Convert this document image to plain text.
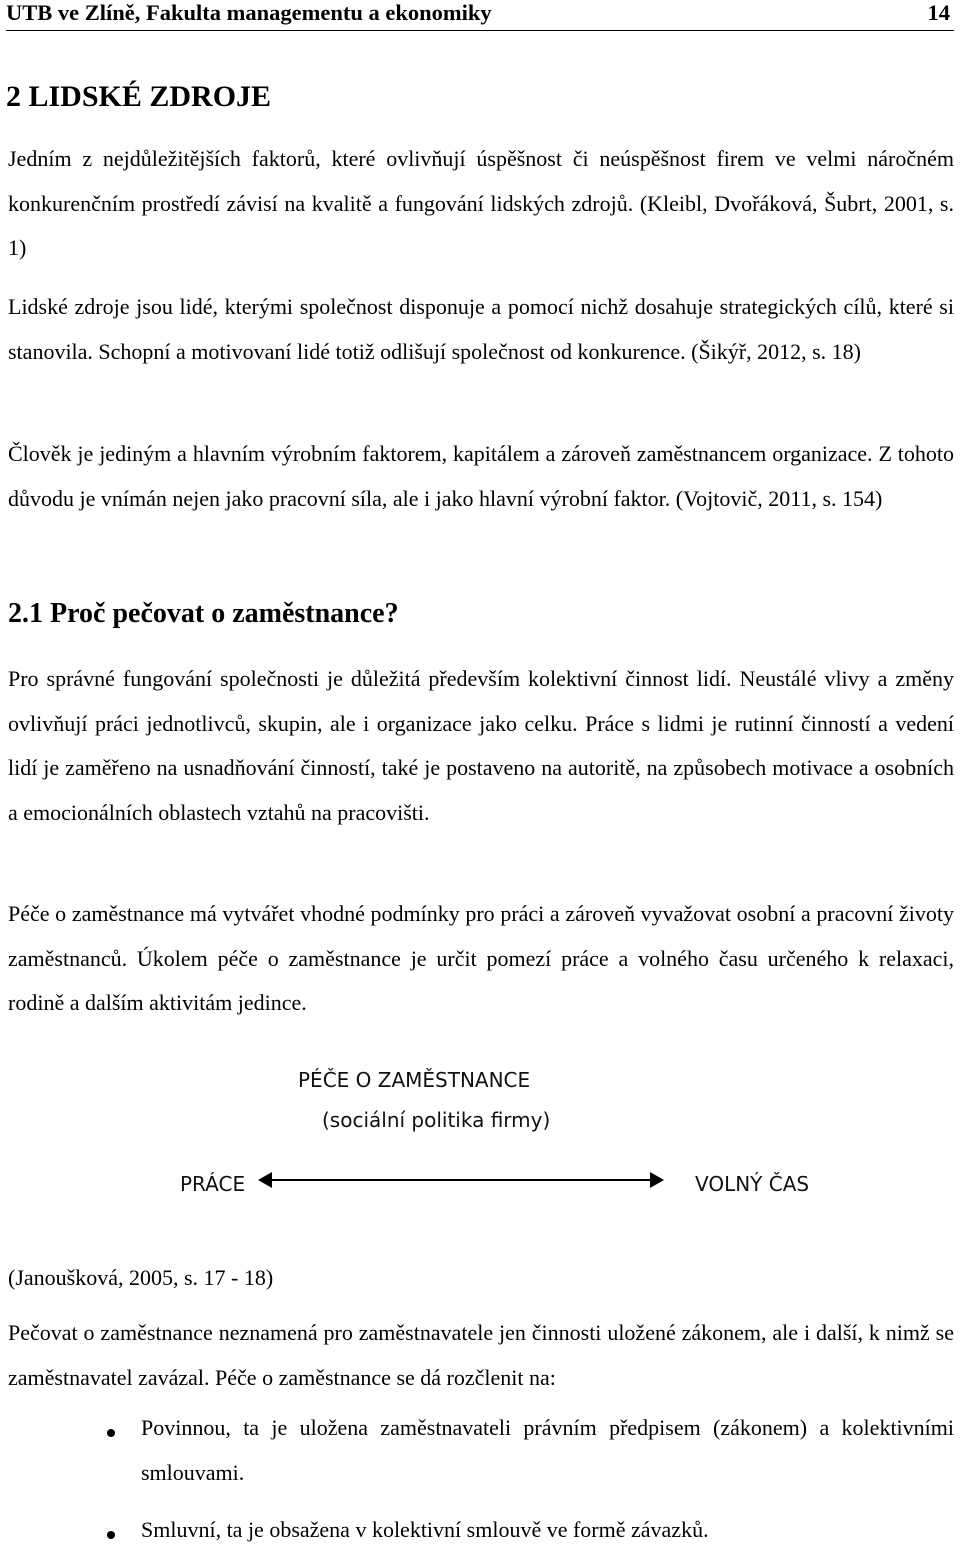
UTB ve Zlíně, Fakulta managementu a ekonomiky	14
2 LIDSKÉ ZDROJE
Jedním z nejdůležitějších faktorů, které ovlivňují úspěšnost či neúspěšnost firem ve velmi náročném konkurenčním prostředí závisí na kvalitě a fungování lidských zdrojů. (Kleibl, Dvořáková, Šubrt, 2001, s. 1)
Lidské zdroje jsou lidé, kterými společnost disponuje a pomocí nichž dosahuje strategických cílů, které si stanovila. Schopní a motivovaní lidé totiž odlišují společnost od konkurence. (Šikýř, 2012, s. 18)
Člověk je jediným a hlavním výrobním faktorem, kapitálem a zároveň zaměstnancem organizace. Z tohoto důvodu je vnímán nejen jako pracovní síla, ale i jako hlavní výrobní faktor. (Vojtovič, 2011, s. 154)
2.1 Proč pečovat o zaměstnance?
Pro správné fungování společnosti je důležitá především kolektivní činnost lidí. Neustálé vlivy a změny ovlivňují práci jednotlivců, skupin, ale i organizace jako celku. Práce s lidmi je rutinní činností a vedení lidí je zaměřeno na usnadňování činností, také je postaveno na autoritě, na způsobech motivace a osobních a emocionálních oblastech vztahů na pracovišti.
Péče o zaměstnance má vytvářet vhodné podmínky pro práci a zároveň vyvažovat osobní a pracovní životy zaměstnanců. Úkolem péče o zaměstnance je určit pomezí práce a volného času určeného k relaxaci, rodině a dalším aktivitám jedince.
PÉČE O ZAMĚSTNANCE
(sociální politika firmy)
PRÁCE	VOLNÝ ČAS
(Janoušková, 2005, s. 17 - 18)
Pečovat o zaměstnance neznamená pro zaměstnavatele jen činnosti uložené zákonem, ale i další, k nimž se zaměstnavatel zavázal. Péče o zaměstnance se dá rozčlenit na:
Povinnou, ta je uložena zaměstnavateli právním předpisem (zákonem) a kolektivními smlouvami.
Smluvní, ta je obsažena v kolektivní smlouvě ve formě závazků.
